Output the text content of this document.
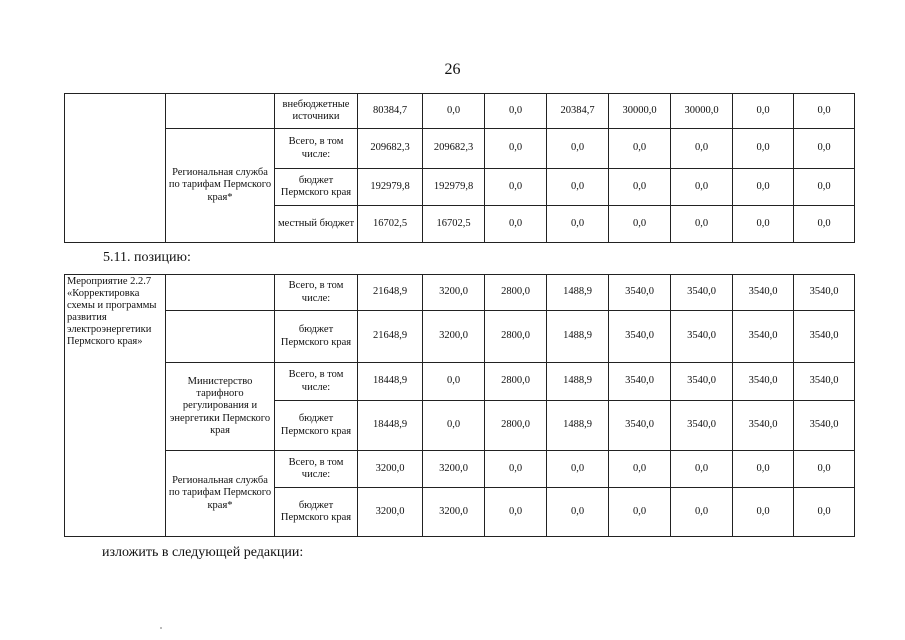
26
		внебюджетные источники	80384,7	0,0	0,0	20384,7	30000,0	30000,0	0,0	0,0
	Региональная служба по тарифам Пермского края*	Всего, в том числе:	209682,3	209682,3	0,0	0,0	0,0	0,0	0,0	0,0
		бюджет Пермского края	192979,8	192979,8	0,0	0,0	0,0	0,0	0,0	0,0
		местный бюджет	16702,5	16702,5	0,0	0,0	0,0	0,0	0,0	0,0
5.11. позицию:
Мероприятие 2.2.7 «Корректировка схемы и программы развития электроэнергетики Пермского края»		Всего, в том числе:	21648,9	3200,0	2800,0	1488,9	3540,0	3540,0	3540,0	3540,0
		бюджет Пермского края	21648,9	3200,0	2800,0	1488,9	3540,0	3540,0	3540,0	3540,0
	Министерство тарифного регулирования и энергетики Пермского края	Всего, в том числе:	18448,9	0,0	2800,0	1488,9	3540,0	3540,0	3540,0	3540,0
		бюджет Пермского края	18448,9	0,0	2800,0	1488,9	3540,0	3540,0	3540,0	3540,0
	Региональная служба по тарифам Пермского края*	Всего, в том числе:	3200,0	3200,0	0,0	0,0	0,0	0,0	0,0	0,0
		бюджет Пермского края	3200,0	3200,0	0,0	0,0	0,0	0,0	0,0	0,0
изложить в следующей редакции:
